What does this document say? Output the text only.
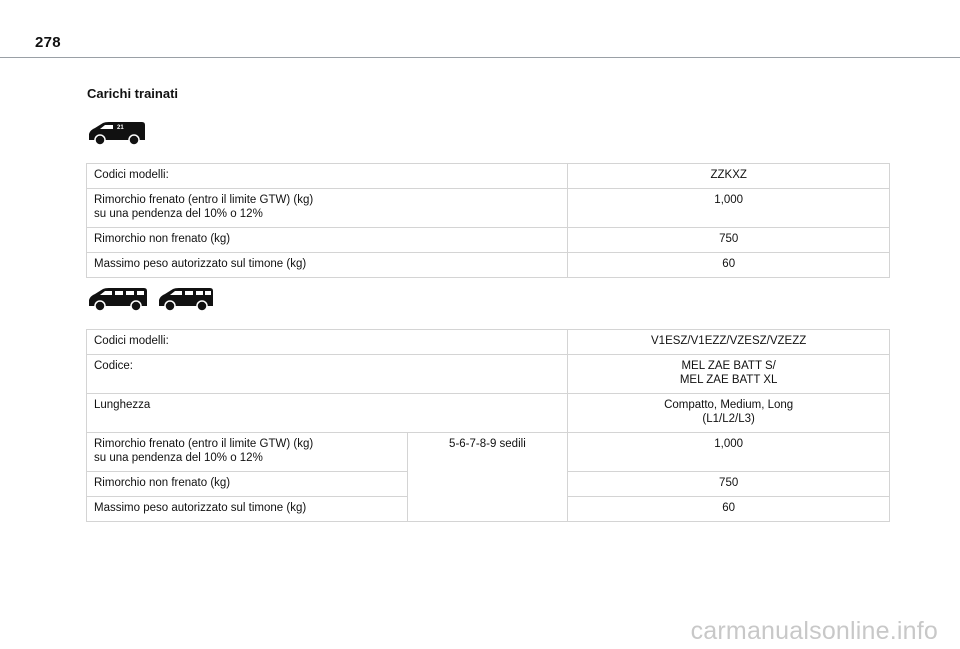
278
Carichi trainati
21
Codici modelli:	ZZKXZ
Rimorchio frenato (entro il limite GTW) (kg)
su una pendenza del 10% o 12%	1,000
Rimorchio non frenato (kg)	750
Massimo peso autorizzato sul timone (kg)	60
Codici modelli:		V1ESZ/V1EZZ/VZESZ/VZEZZ
Codice:		MEL ZAE BATT S/
MEL ZAE BATT XL
Lunghezza		Compatto, Medium, Long
(L1/L2/L3)
Rimorchio frenato (entro il limite GTW) (kg)
su una pendenza del 10% o 12%	5-6-7-8-9 sedili	1,000
Rimorchio non frenato (kg)		750
Massimo peso autorizzato sul timone (kg)		60
carmanualsonline.info
